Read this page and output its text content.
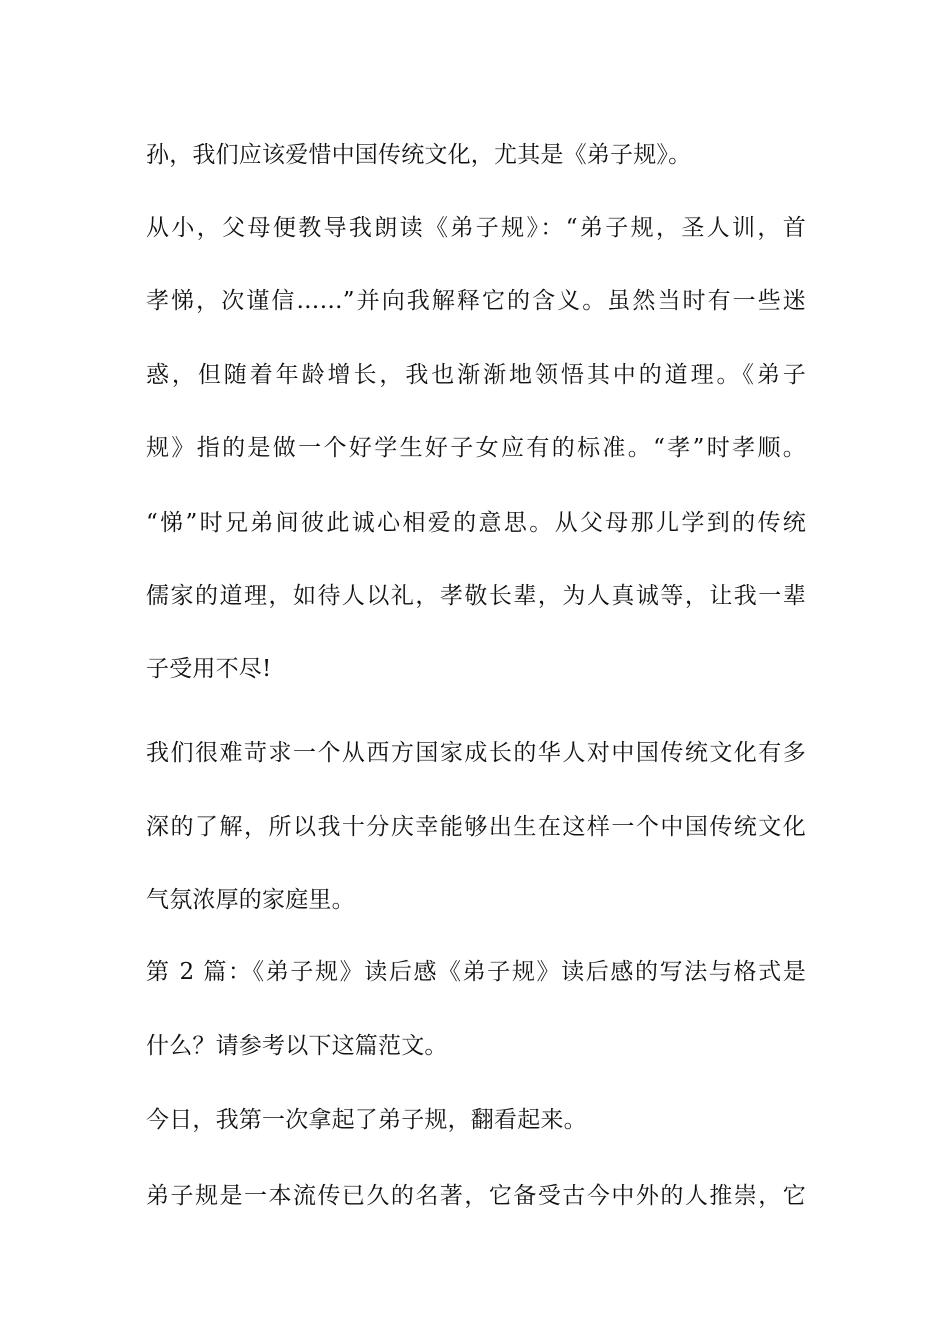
孙，我们应该爱惜中国传统文化，尤其是《弟子规》。
从小，父母便教导我朗读《弟子规》：“弟子规，圣人训，首
孝悌，次谨信……”并向我解释它的含义。虽然当时有一些迷
惑，但随着年龄增长，我也渐渐地领悟其中的道理。《弟子
规》指的是做一个好学生好子女应有的标准。“孝”时孝顺。
“悌”时兄弟间彼此诚心相爱的意思。从父母那儿学到的传统
儒家的道理，如待人以礼，孝敬长辈，为人真诚等，让我一辈
子受用不尽!
我们很难苛求一个从西方国家成长的华人对中国传统文化有多
深的了解，所以我十分庆幸能够出生在这样一个中国传统文化
气氛浓厚的家庭里。
第 2 篇：《弟子规》读后感《弟子规》读后感的写法与格式是
什么？请参考以下这篇范文。
今日，我第一次拿起了弟子规，翻看起来。
弟子规是一本流传已久的名著，它备受古今中外的人推崇，它
